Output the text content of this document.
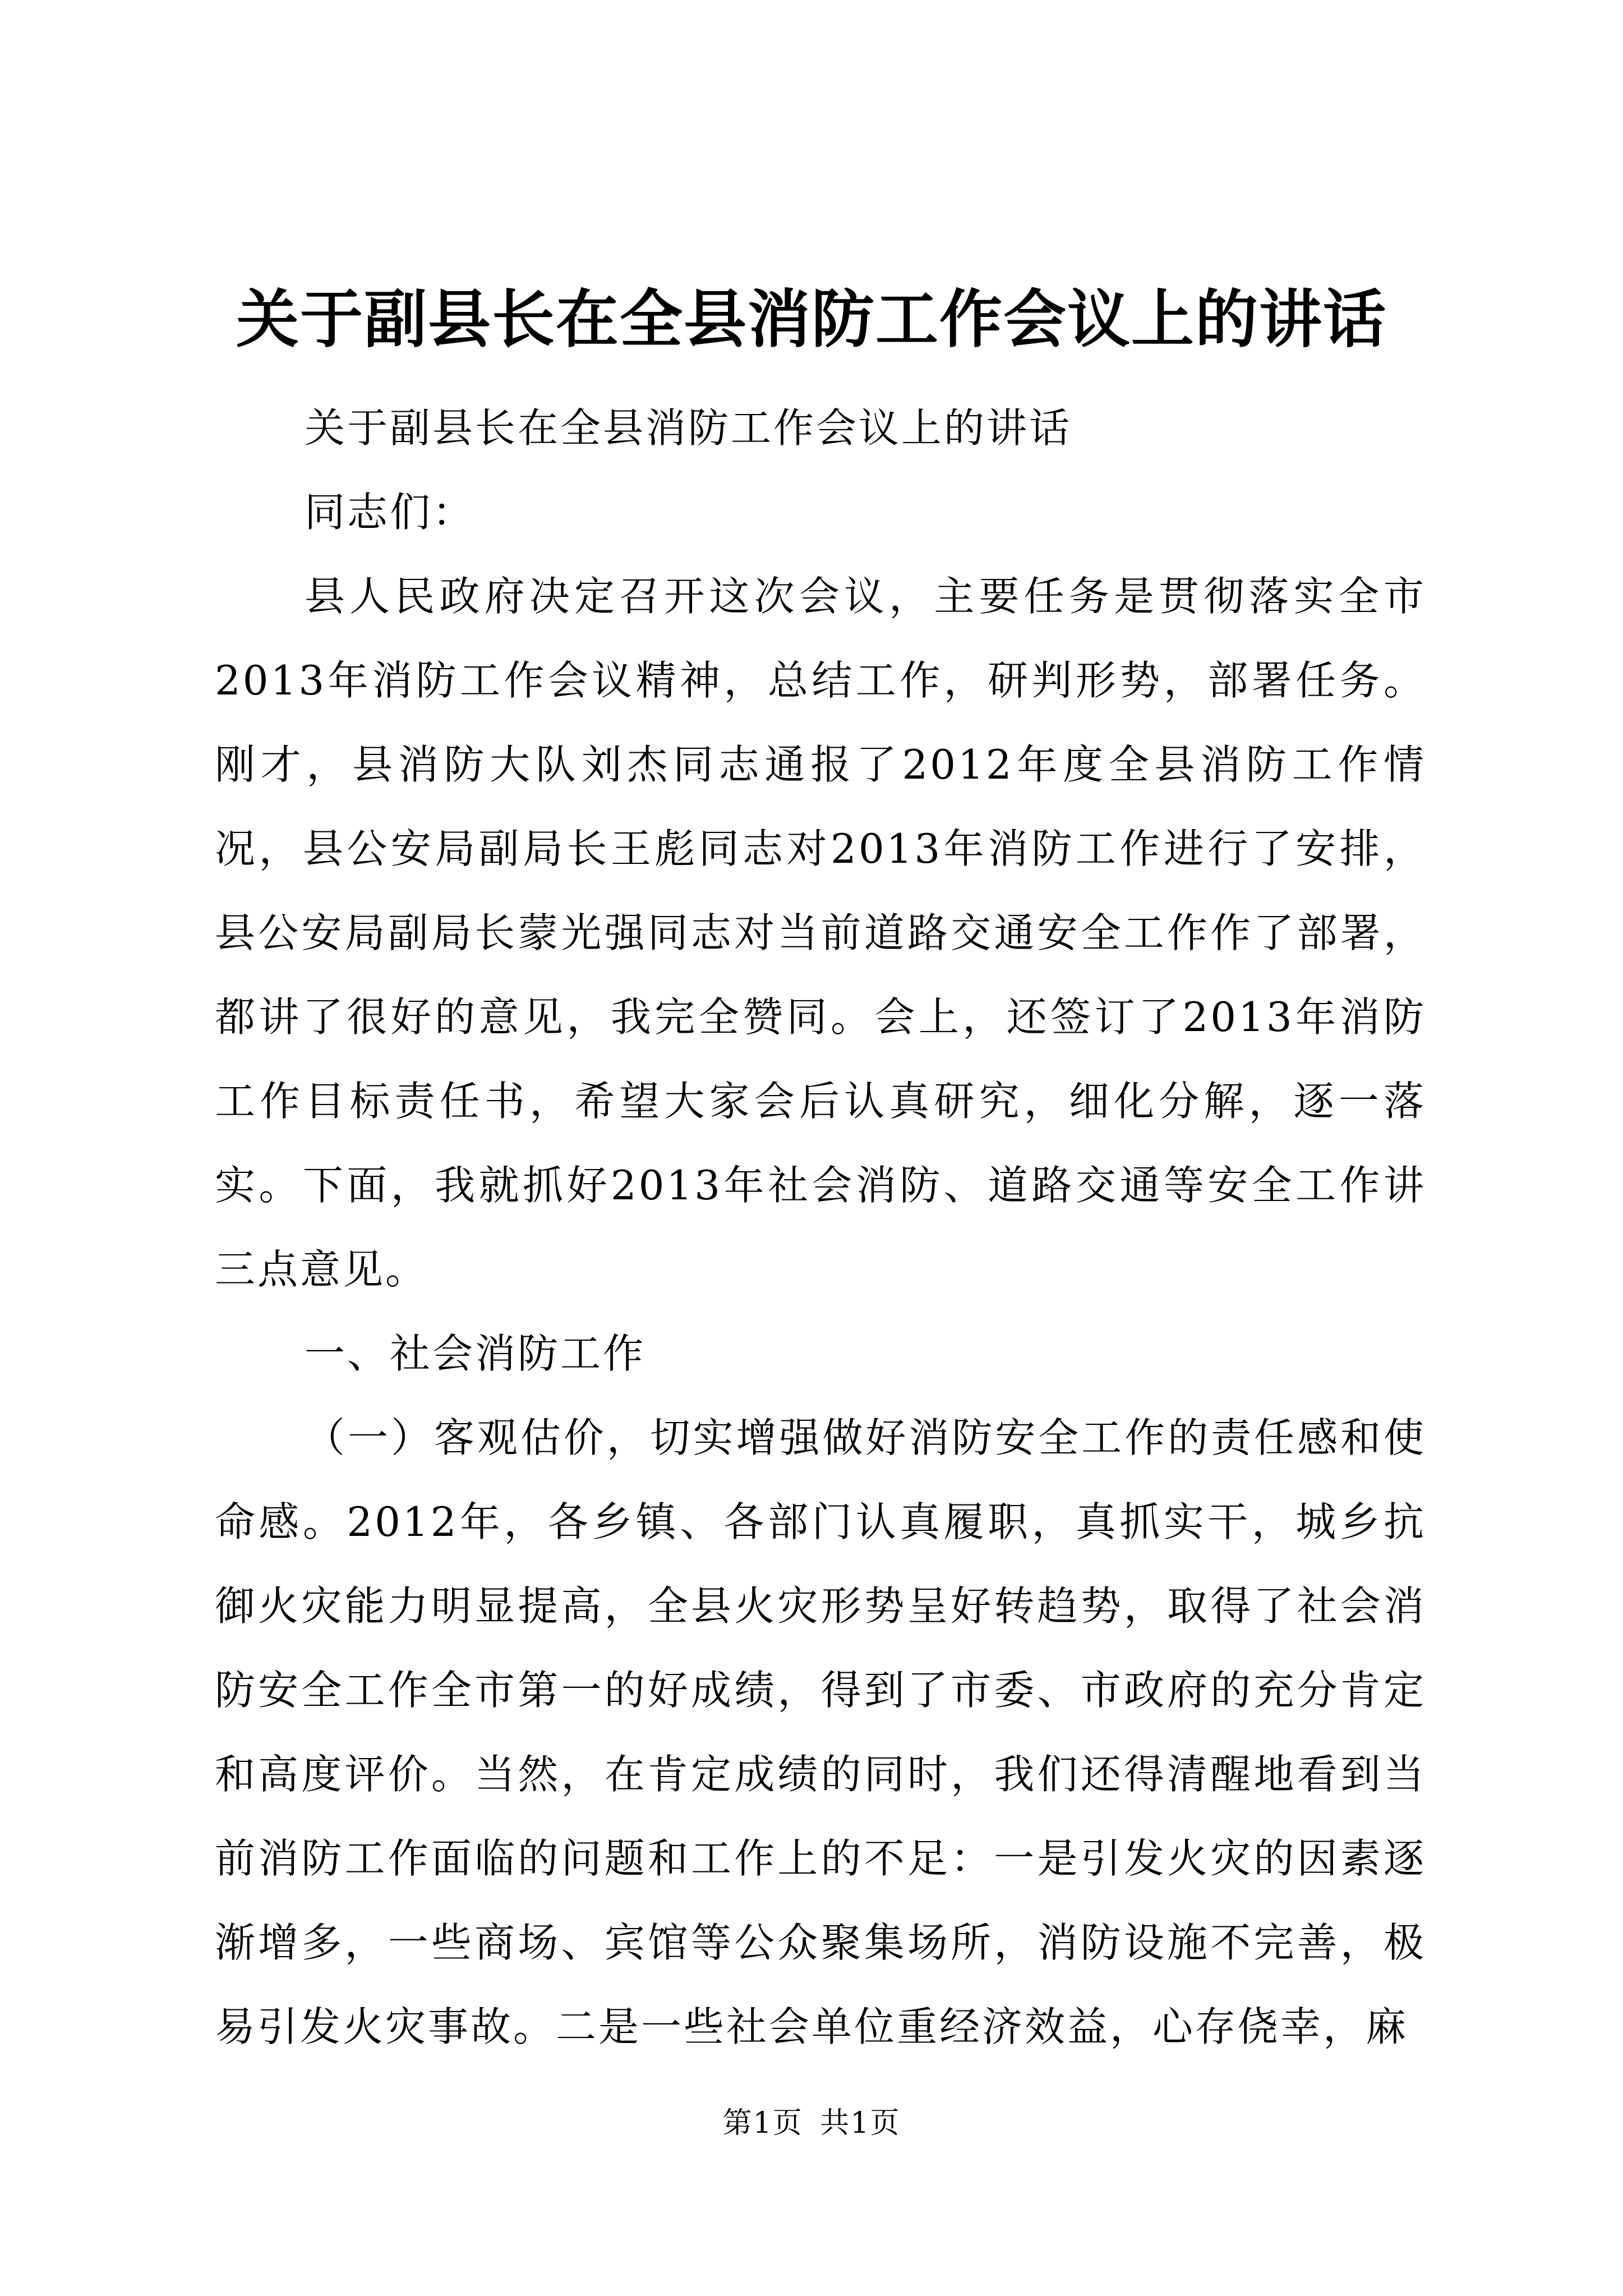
关于副县长在全县消防工作会议上的讲话

关于副县长在全县消防工作会议上的讲话

同志们：

县人民政府决定召开这次会议，主要任务是贯彻落实全市2013年消防工作会议精神，总结工作，研判形势，部署任务。刚才，县消防大队刘杰同志通报了2012年度全县消防工作情况，县公安局副局长王彪同志对2013年消防工作进行了安排，县公安局副局长蒙光强同志对当前道路交通安全工作作了部署，都讲了很好的意见，我完全赞同。会上，还签订了2013年消防工作目标责任书，希望大家会后认真研究，细化分解，逐一落实。下面，我就抓好2013年社会消防、道路交通等安全工作讲三点意见。

一、社会消防工作

（一）客观估价，切实增强做好消防安全工作的责任感和使命感。2012年，各乡镇、各部门认真履职，真抓实干，城乡抗御火灾能力明显提高，全县火灾形势呈好转趋势，取得了社会消防安全工作全市第一的好成绩，得到了市委、市政府的充分肯定和高度评价。当然，在肯定成绩的同时，我们还得清醒地看到当前消防工作面临的问题和工作上的不足：一是引发火灾的因素逐渐增多，一些商场、宾馆等公众聚集场所，消防设施不完善，极易引发火灾事故。二是一些社会单位重经济效益，心存侥幸，麻

第1页 共1页
